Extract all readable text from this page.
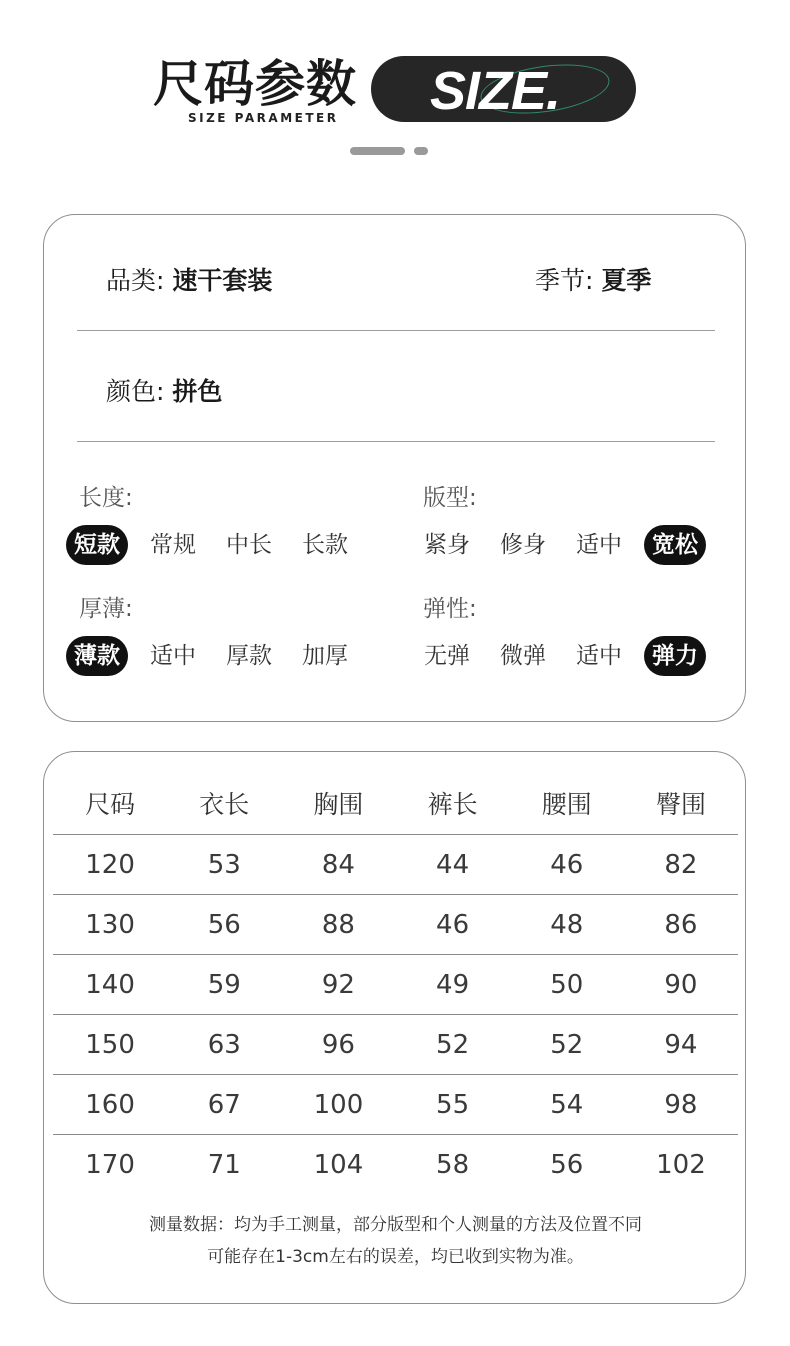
尺码参数
SIZE PARAMETER SIZE.
品类: 速干套装	季节: 夏季
颜色: 拼色
长度:
短款	常规	中长	长款
版型:
紧身	修身	适中	宽松
厚薄:
薄款	适中	厚款	加厚
弹性:
无弹	微弹	适中	弹力
尺码	衣长	胸围	裤长	腰围	臀围
120	53	84	44	46	82
130	56	88	46	48	86
140	59	92	49	50	90
150	63	96	52	52	94
160	67	100	55	54	98
170	71	104	58	56	102
测量数据：均为手工测量，部分版型和个人测量的方法及位置不同
可能存在1-3cm左右的误差，均已收到实物为准。
